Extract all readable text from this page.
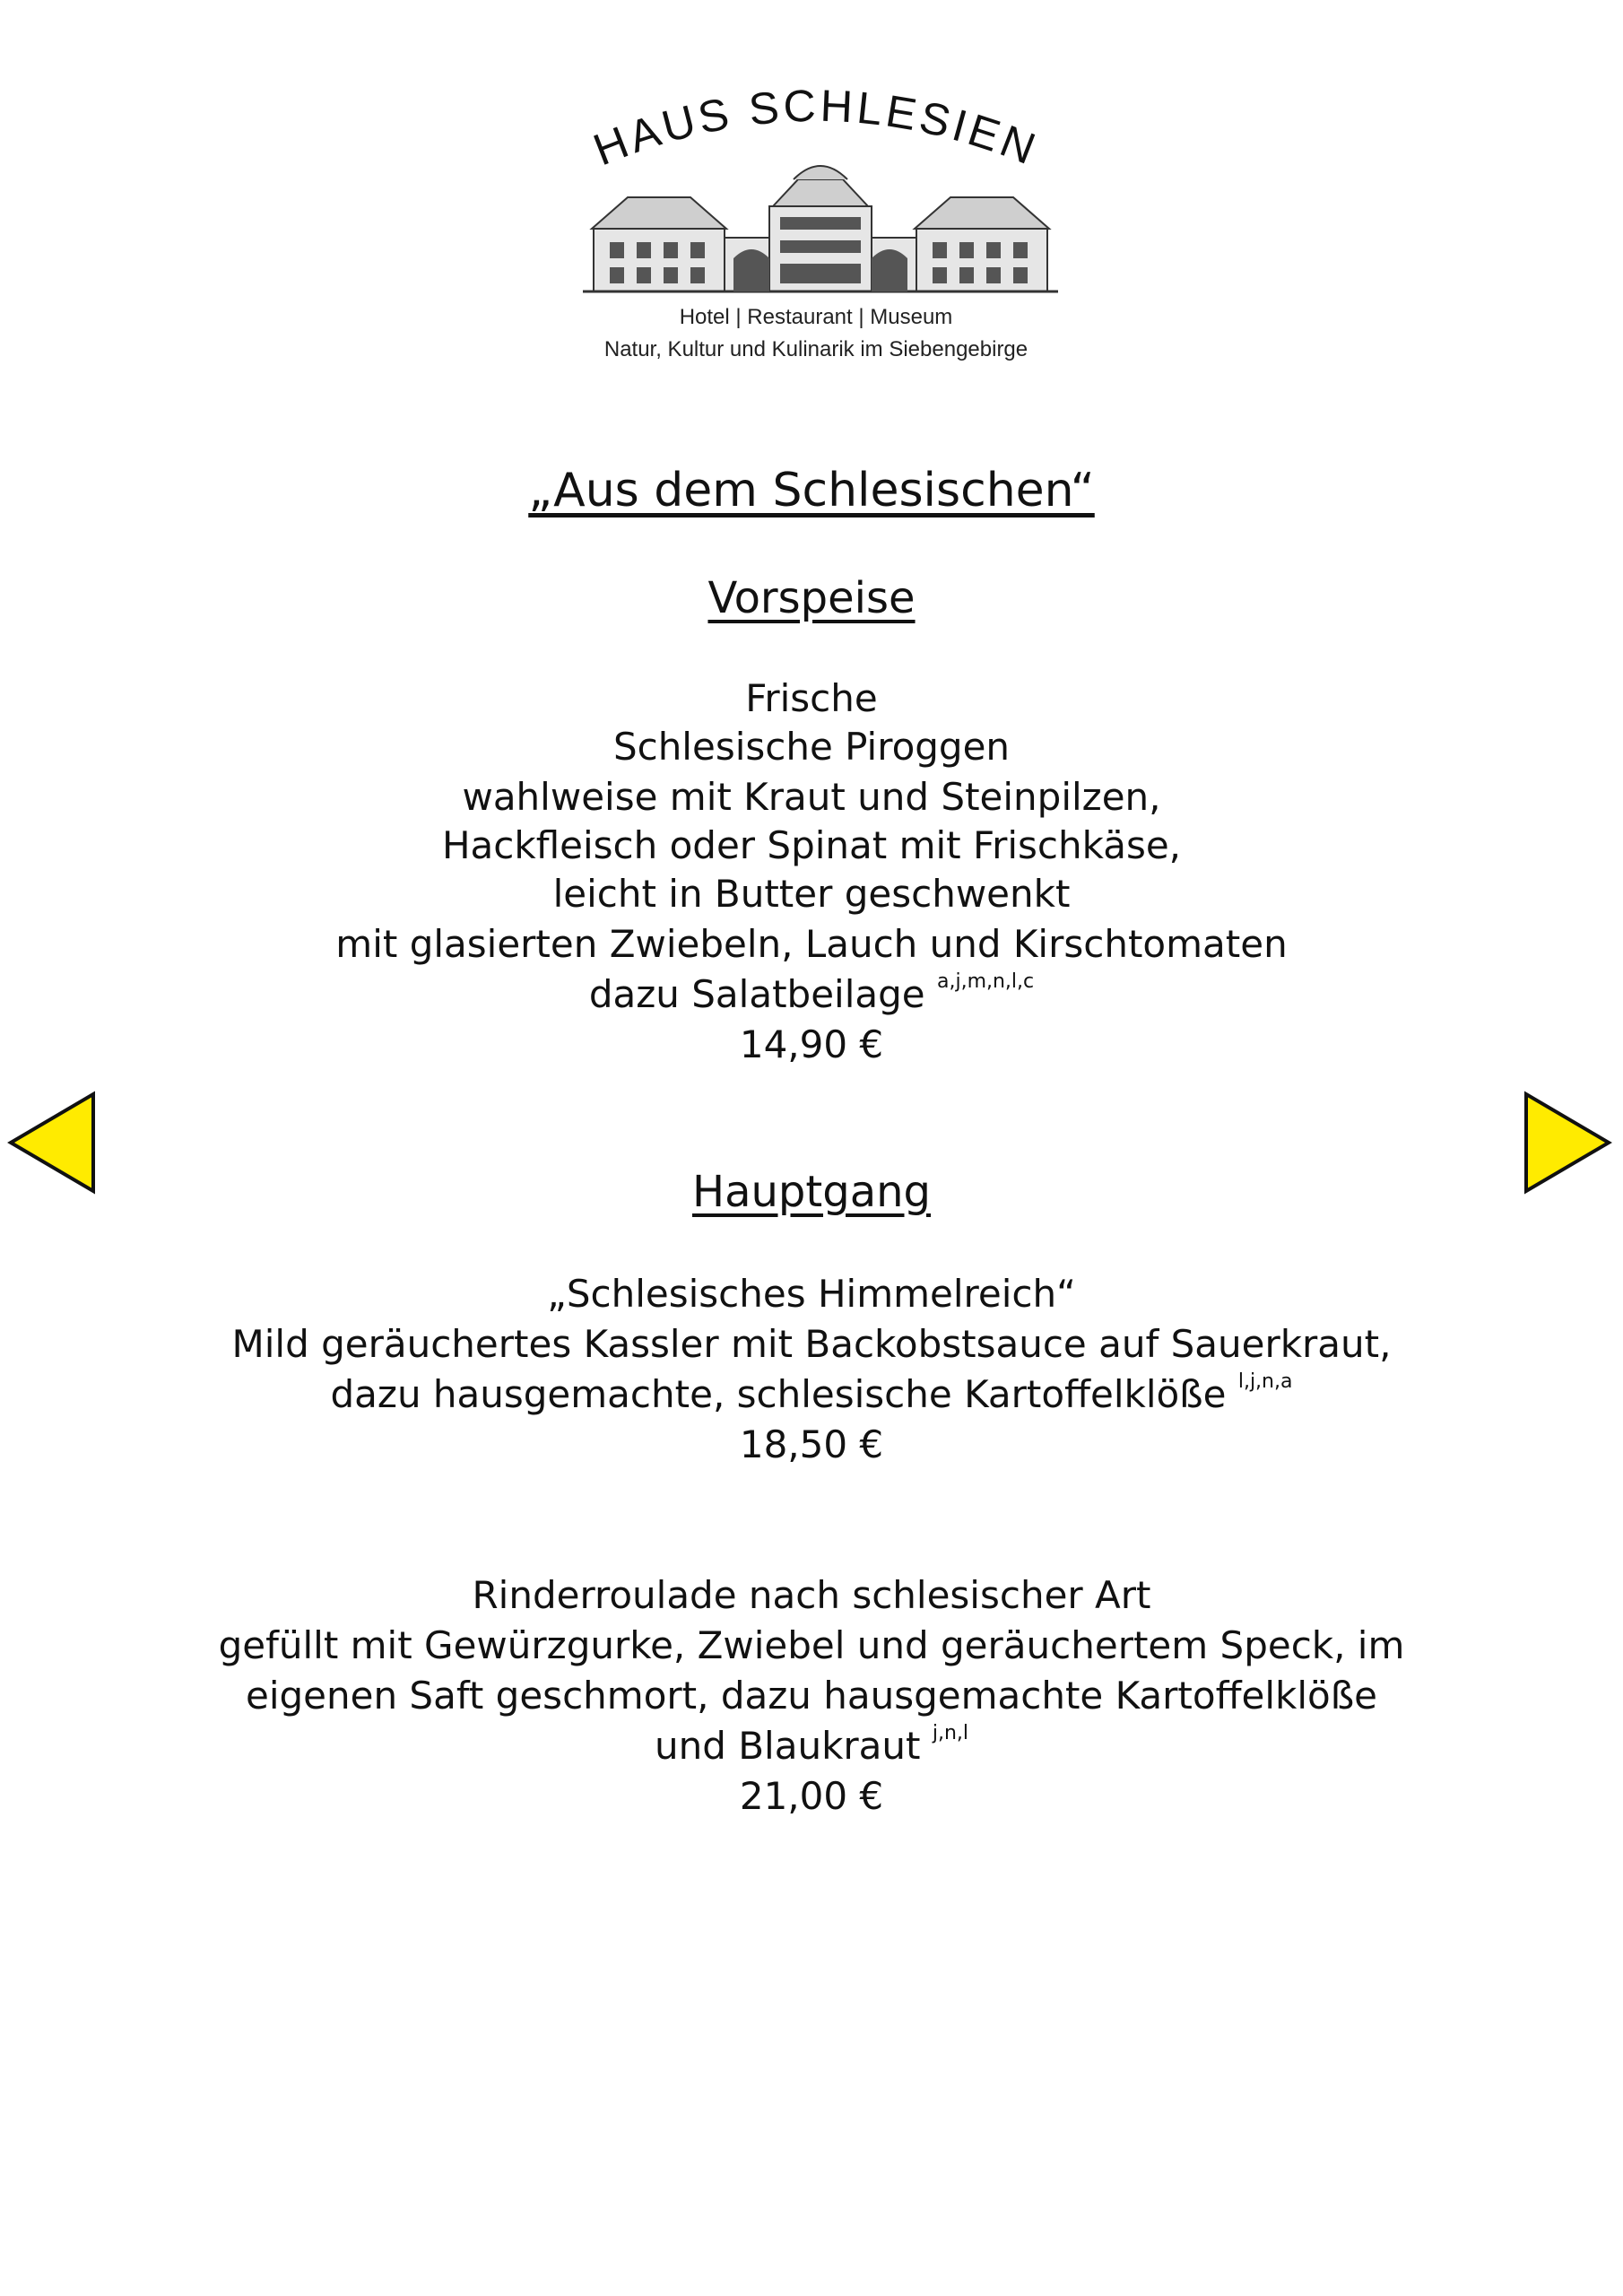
HAUS SCHLESIEN
Hotel | Restaurant | Museum
Natur, Kultur und Kulinarik im Siebengebirge
„Aus dem Schlesischen“
Vorspeise
Frische
Schlesische Piroggen
wahlweise mit Kraut und Steinpilzen,
Hackfleisch oder Spinat mit Frischkäse,
leicht in Butter geschwenkt
mit glasierten Zwiebeln, Lauch und Kirschtomaten
dazu Salatbeilage $^{a,j,m,n,l,c}$
14,90 €
Hauptgang
„Schlesisches Himmelreich“
Mild geräuchertes Kassler mit Backobstsauce auf Sauerkraut,
dazu hausgemachte, schlesische Kartoffelklöße $^{l,j,n,a}$
18,50 €
Rinderroulade nach schlesischer Art
gefüllt mit Gewürzgurke, Zwiebel und geräuchertem Speck, im
eigenen Saft geschmort, dazu hausgemachte Kartoffelklöße
und Blaukraut $^{j,n,l}$
21,00 €
